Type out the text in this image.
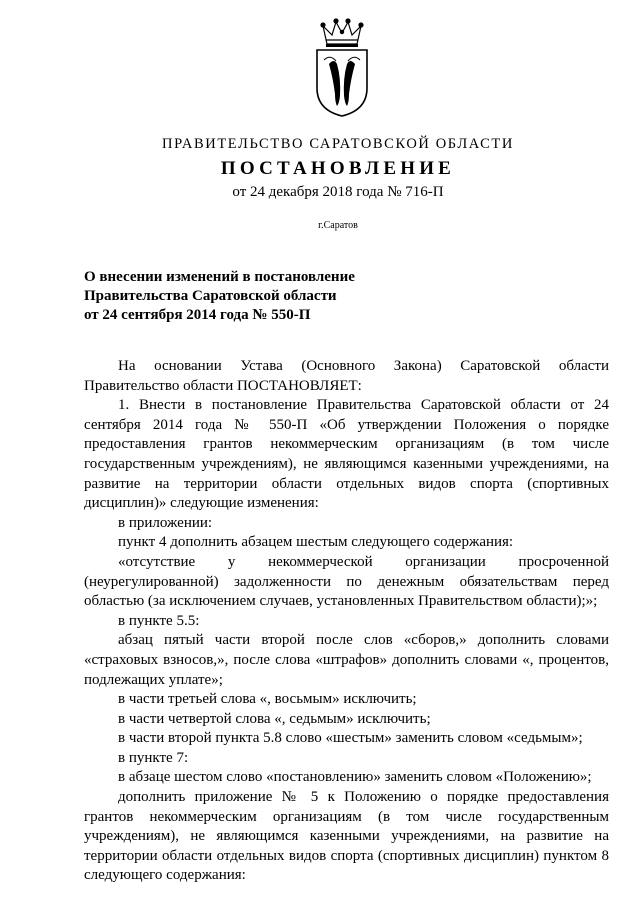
ПРАВИТЕЛЬСТВО САРАТОВСКОЙ ОБЛАСТИ
ПОСТАНОВЛЕНИЕ
от 24 декабря 2018 года № 716-П
г.Саратов
О внесении изменений в постановление
Правительства Саратовской области
от 24 сентября 2014 года № 550-П

На основании Устава (Основного Закона) Саратовской области Правительство области ПОСТАНОВЛЯЕТ:

1. Внести в постановление Правительства Саратовской области от 24 сентября 2014 года № 550-П «Об утверждении Положения о порядке предоставления грантов некоммерческим организациям (в том числе государственным учреждениям), не являющимся казенными учреждениями, на развитие на территории области отдельных видов спорта (спортивных дисциплин)» следующие изменения:

в приложении:

пункт 4 дополнить абзацем шестым следующего содержания:

«отсутствие у некоммерческой организации просроченной (неурегулированной) задолженности по денежным обязательствам перед областью (за исключением случаев, установленных Правительством области);»;

в пункте 5.5:

абзац пятый части второй после слов «сборов,» дополнить словами «страховых взносов,», после слова «штрафов» дополнить словами «, процентов, подлежащих уплате»;

в части третьей слова «, восьмым» исключить;

в части четвертой слова «, седьмым» исключить;

в части второй пункта 5.8 слово «шестым» заменить словом «седьмым»;

в пункте 7:

в абзаце шестом слово «постановлению» заменить словом «Положению»;

дополнить приложение № 5 к Положению о порядке предоставления грантов некоммерческим организациям (в том числе государственным учреждениям), не являющимся казенными учреждениями, на развитие на территории области отдельных видов спорта (спортивных дисциплин) пунктом 8 следующего содержания:
